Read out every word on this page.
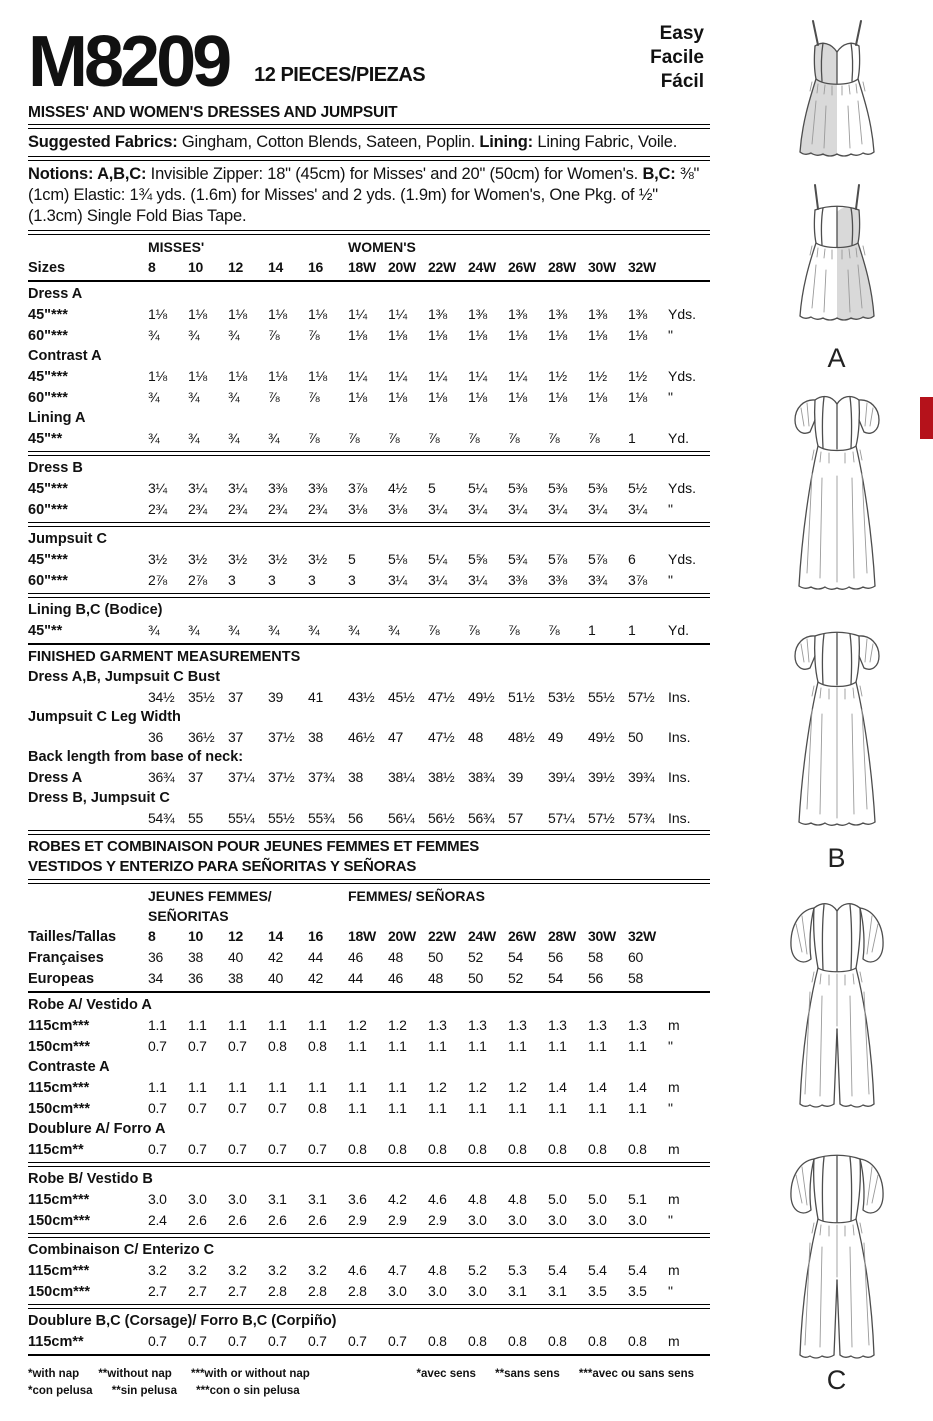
M8209 12 PIECES/PIEZAS
Easy
Facile
Fácil
MISSES' AND WOMEN'S DRESSES AND JUMPSUIT
Suggested Fabrics: Gingham, Cotton Blends, Sateen, Poplin. Lining: Lining Fabric, Voile.
Notions: A,B,C: Invisible Zipper: 18" (45cm) for Misses' and 20" (50cm) for Women's. B,C: ⅜" (1cm) Elastic: 1¾ yds. (1.6m) for Misses' and 2 yds. (1.9m) for Women's, One Pkg. of ½" (1.3cm) Single Fold Bias Tape.
MISSES'	WOMEN'S
Sizes	8	10	12	14	16	18W 20W 22W 24W 26W 28W 30W 32W
Dress A
45"***	1⅛	1⅛	1⅛	1⅛	1⅛	1¼	1¼	1⅜	1⅜	1⅜	1⅜	1⅜	1⅜	Yds.
60"***	¾	¾	¾	⅞	⅞	1⅛	1⅛	1⅛	1⅛	1⅛	1⅛	1⅛	1⅛	"
Contrast A
45"***	1⅛	1⅛	1⅛	1⅛	1⅛	1¼	1¼	1¼	1¼	1¼	1½	1½	1½	Yds.
60"***	¾	¾	¾	⅞	⅞	1⅛	1⅛	1⅛	1⅛	1⅛	1⅛	1⅛	1⅛	"
Lining A
45"**	¾	¾	¾	¾	⅞	⅞	⅞	⅞	⅞	⅞	⅞	⅞	1	Yd.
Dress B
45"***	3¼	3¼	3¼	3⅜	3⅜	3⅞	4½	5	5¼	5⅜	5⅜	5⅜	5½	Yds.
60"***	2¾	2¾	2¾	2¾	2¾	3⅛	3⅛	3¼	3¼	3¼	3¼	3¼	3¼	"
Jumpsuit C
45"***	3½	3½	3½	3½	3½	5	5⅛	5¼	5⅝	5¾	5⅞	5⅞	6	Yds.
60"***	2⅞	2⅞	3	3	3	3	3¼	3¼	3¼	3⅜	3⅜	3¾	3⅞	"
Lining B,C (Bodice)
45"**	¾	¾	¾	¾	¾	¾	¾	⅞	⅞	⅞	⅞	1	1	Yd.
FINISHED GARMENT MEASUREMENTS
Dress A,B, Jumpsuit C Bust
34½ 35½ 37	39	41	43½ 45½ 47½ 49½ 51½ 53½ 55½ 57½ Ins.
Jumpsuit C Leg Width
36	36½ 37	37½ 38	46½ 47	47½ 48	48½ 49	49½ 50	Ins.
Back length from base of neck:
Dress A	36¾ 37	37¼ 37½ 37¾ 38	38¼ 38½ 38¾ 39	39¼ 39½ 39¾ Ins.
Dress B, Jumpsuit C
54¾ 55	55¼ 55½ 55¾ 56	56¼ 56½ 56¾ 57	57¼ 57½ 57¾ Ins.
ROBES ET COMBINAISON POUR JEUNES FEMMES ET FEMMES
VESTIDOS Y ENTERIZO PARA SEÑORITAS Y SEÑORAS
JEUNES FEMMES/	FEMMES/ SEÑORAS
SEÑORITAS
Tailles/Tallas	8	10	12	14	16	18W 20W 22W 24W 26W 28W 30W 32W
Françaises	36	38	40	42	44	46	48	50	52	54	56	58	60
Europeas	34	36	38	40	42	44	46	48	50	52	54	56	58
Robe A/ Vestido A
115cm***	1.1	1.1	1.1	1.1	1.1	1.2	1.2	1.3	1.3	1.3	1.3	1.3	1.3	m
150cm***	0.7	0.7	0.7	0.8	0.8	1.1	1.1	1.1	1.1	1.1	1.1	1.1	1.1	"
Contraste A
115cm***	1.1	1.1	1.1	1.1	1.1	1.1	1.1	1.2	1.2	1.2	1.4	1.4	1.4	m
150cm***	0.7	0.7	0.7	0.7	0.8	1.1	1.1	1.1	1.1	1.1	1.1	1.1	1.1	"
Doublure A/ Forro A
115cm**	0.7	0.7	0.7	0.7	0.7	0.8	0.8	0.8	0.8	0.8	0.8	0.8	0.8	m
Robe B/ Vestido B
115cm***	3.0	3.0	3.0	3.1	3.1	3.6	4.2	4.6	4.8	4.8	5.0	5.0	5.1	m
150cm***	2.4	2.6	2.6	2.6	2.6	2.9	2.9	2.9	3.0	3.0	3.0	3.0	3.0	"
Combinaison C/ Enterizo C
115cm***	3.2	3.2	3.2	3.2	3.2	4.6	4.7	4.8	5.2	5.3	5.4	5.4	5.4	m
150cm***	2.7	2.7	2.7	2.8	2.8	2.8	3.0	3.0	3.0	3.1	3.1	3.5	3.5	"
Doublure B,C (Corsage)/ Forro B,C (Corpiño)
115cm**	0.7	0.7	0.7	0.7	0.7	0.7	0.7	0.8	0.8	0.8	0.8	0.8	0.8	m
*with nap **without nap ***with or without nap	*avec sens **sans sens ***avec ou sans sens
*con pelusa **sin pelusa ***con o sin pelusa
A
B
C
